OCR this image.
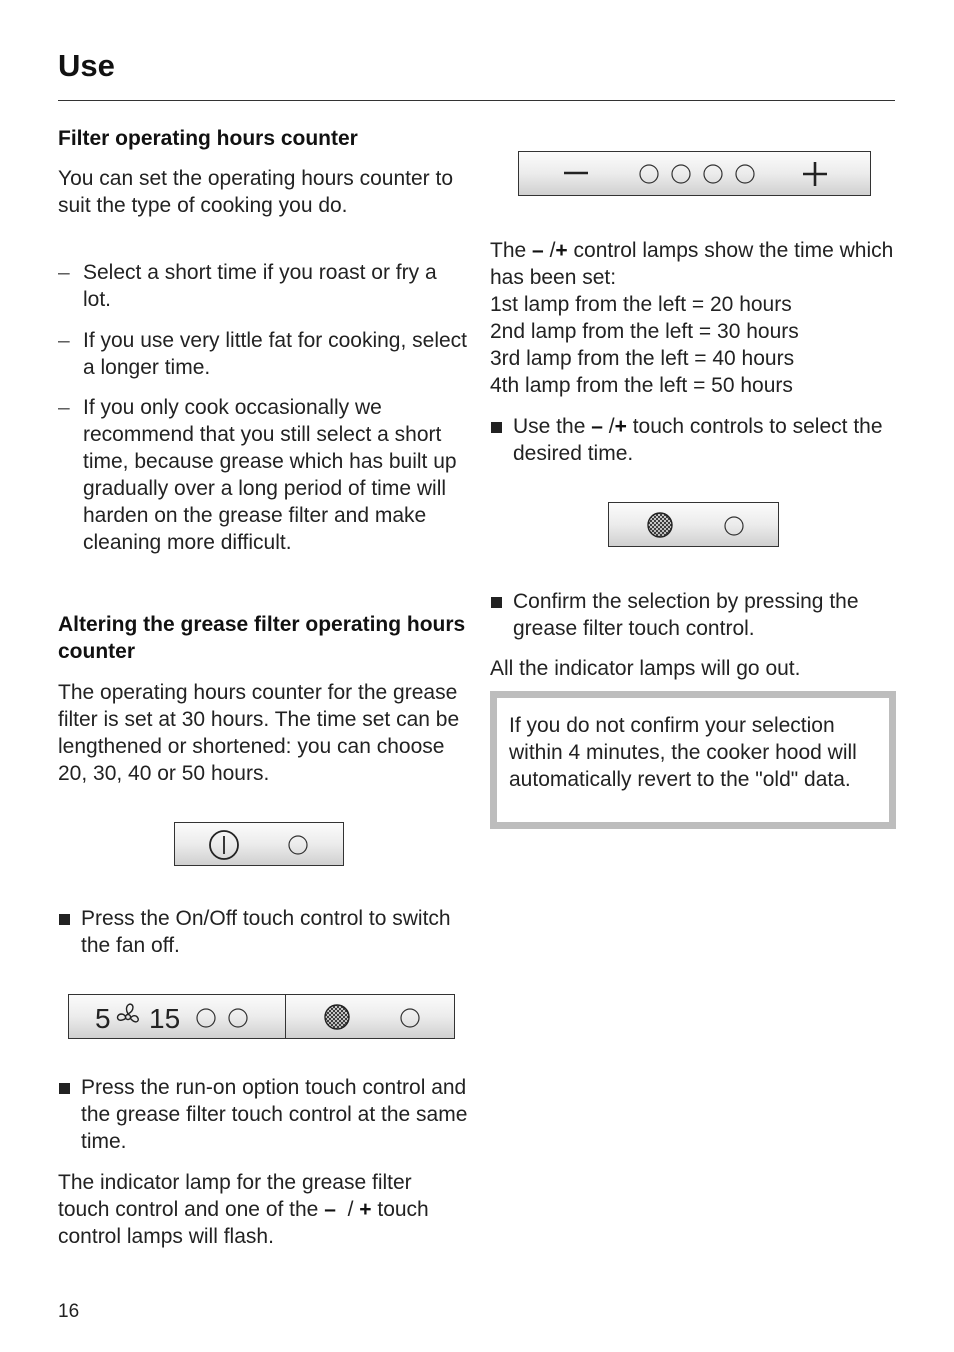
Use
Filter operating hours counter

You can set the operating hours counter to suit the type of cooking you do.

– Select a short time if you roast or fry a lot.
– If you use very little fat for cooking, select a longer time.
– If you only cook occasionally we recommend that you still select a short time, because grease which has built up gradually over a long period of time will harden on the grease filter and make cleaning more difficult.
Altering the grease filter operating hours counter

The operating hours counter for the grease filter is set at 30 hours. The time set can be lengthened or shortened: you can choose 20, 30, 40 or 50 hours.

Press the On/Off touch control to switch the fan off.
Press the run-on option touch control and the grease filter touch control at the same time.

The indicator lamp for the grease filter touch control and one of the – / + touch control lamps will flash.

5 15

The – /+ control lamps show the time which has been set:

1st lamp from the left = 20 hours
2nd lamp from the left = 30 hours
3rd lamp from the left = 40 hours
4th lamp from the left = 50 hours
Use the – /+ touch controls to select the desired time.
Confirm the selection by pressing the grease filter touch control.

All the indicator lamps will go out.

If you do not confirm your selection within 4 minutes, the cooker hood will automatically revert to the "old" data.
16
